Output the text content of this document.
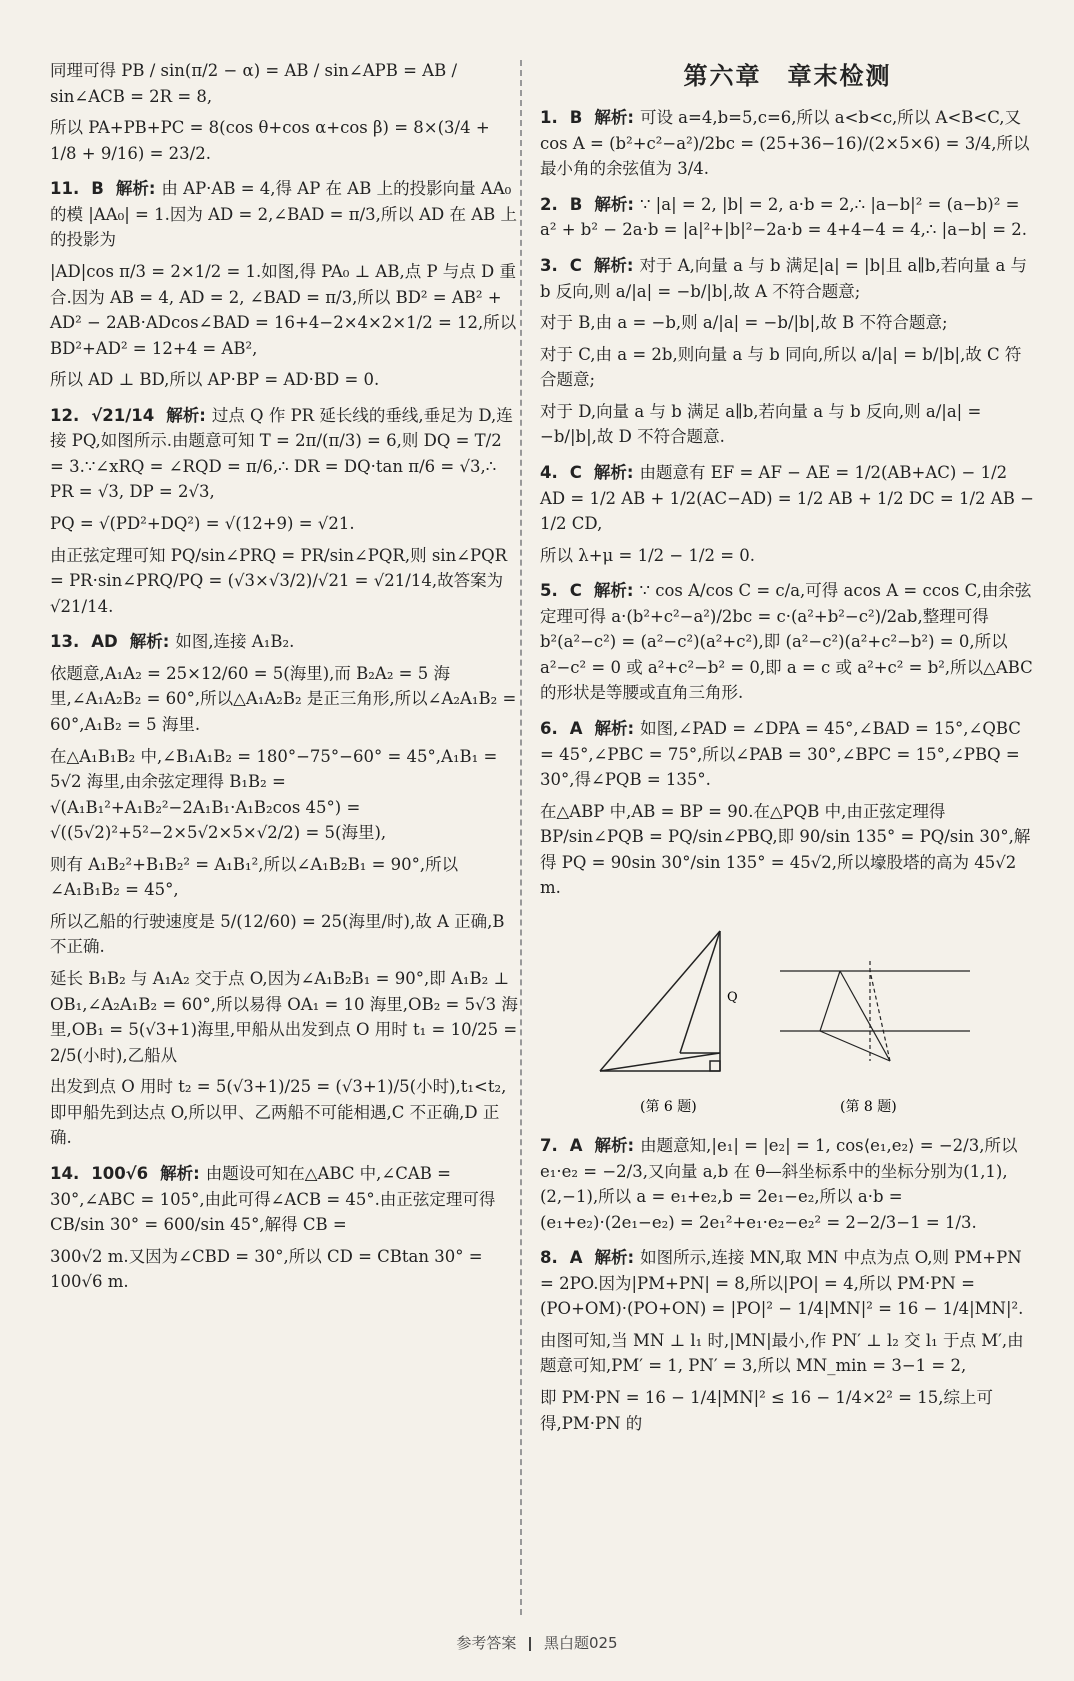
同理可得 PB / sin(π/2 − α) = AB / sin∠APB = AB / sin∠ACB = 2R = 8,

所以 PA+PB+PC = 8(cos θ+cos α+cos β) = 8×(3/4 + 1/8 + 9/16) = 23/2.

11. B 解析: 由 AP·AB = 4,得 AP 在 AB 上的投影向量 AA₀ 的模 |AA₀| = 1.因为 AD = 2,∠BAD = π/3,所以 AD 在 AB 上的投影为

|AD|cos π/3 = 2×1/2 = 1.如图,得 PA₀ ⊥ AB,点 P 与点 D 重合.因为 AB = 4, AD = 2, ∠BAD = π/3,所以 BD² = AB² + AD² − 2AB·ADcos∠BAD = 16+4−2×4×2×1/2 = 12,所以 BD²+AD² = 12+4 = AB²,

所以 AD ⊥ BD,所以 AP·BP = AD·BD = 0.

12. √21/14 解析: 过点 Q 作 PR 延长线的垂线,垂足为 D,连接 PQ,如图所示.由题意可知 T = 2π/(π/3) = 6,则 DQ = T/2 = 3.∵∠xRQ = ∠RQD = π/6,∴ DR = DQ·tan π/6 = √3,∴ PR = √3, DP = 2√3,

PQ = √(PD²+DQ²) = √(12+9) = √21.

由正弦定理可知 PQ/sin∠PRQ = PR/sin∠PQR,则 sin∠PQR = PR·sin∠PRQ/PQ = (√3×√3/2)/√21 = √21/14,故答案为 √21/14.

13. AD 解析: 如图,连接 A₁B₂.

依题意,A₁A₂ = 25×12/60 = 5(海里),而 B₂A₂ = 5 海里,∠A₁A₂B₂ = 60°,所以△A₁A₂B₂ 是正三角形,所以∠A₂A₁B₂ = 60°,A₁B₂ = 5 海里.

在△A₁B₁B₂ 中,∠B₁A₁B₂ = 180°−75°−60° = 45°,A₁B₁ = 5√2 海里,由余弦定理得 B₁B₂ = √(A₁B₁²+A₁B₂²−2A₁B₁·A₁B₂cos 45°) = √((5√2)²+5²−2×5√2×5×√2/2) = 5(海里),

则有 A₁B₂²+B₁B₂² = A₁B₁²,所以∠A₁B₂B₁ = 90°,所以∠A₁B₁B₂ = 45°,

所以乙船的行驶速度是 5/(12/60) = 25(海里/时),故 A 正确,B 不正确.

延长 B₁B₂ 与 A₁A₂ 交于点 O,因为∠A₁B₂B₁ = 90°,即 A₁B₂ ⊥ OB₁,∠A₂A₁B₂ = 60°,所以易得 OA₁ = 10 海里,OB₂ = 5√3 海里,OB₁ = 5(√3+1)海里,甲船从出发到点 O 用时 t₁ = 10/25 = 2/5(小时),乙船从

出发到点 O 用时 t₂ = 5(√3+1)/25 = (√3+1)/5(小时),t₁<t₂,即甲船先到达点 O,所以甲、乙两船不可能相遇,C 不正确,D 正确.

14. 100√6 解析: 由题设可知在△ABC 中,∠CAB = 30°,∠ABC = 105°,由此可得∠ACB = 45°.由正弦定理可得 CB/sin 30° = 600/sin 45°,解得 CB =

300√2 m.又因为∠CBD = 30°,所以 CD = CBtan 30° = 100√6 m.

第六章　章末检测

1. B 解析: 可设 a=4,b=5,c=6,所以 a<b<c,所以 A<B<C,又 cos A = (b²+c²−a²)/2bc = (25+36−16)/(2×5×6) = 3/4,所以最小角的余弦值为 3/4.

2. B 解析: ∵ |a| = 2, |b| = 2, a·b = 2,∴ |a−b|² = (a−b)² = a² + b² − 2a·b = |a|²+|b|²−2a·b = 4+4−4 = 4,∴ |a−b| = 2.

3. C 解析: 对于 A,向量 a 与 b 满足|a| = |b|且 a∥b,若向量 a 与 b 反向,则 a/|a| = −b/|b|,故 A 不符合题意;

对于 B,由 a = −b,则 a/|a| = −b/|b|,故 B 不符合题意;

对于 C,由 a = 2b,则向量 a 与 b 同向,所以 a/|a| = b/|b|,故 C 符合题意;

对于 D,向量 a 与 b 满足 a∥b,若向量 a 与 b 反向,则 a/|a| = −b/|b|,故 D 不符合题意.

4. C 解析: 由题意有 EF = AF − AE = 1/2(AB+AC) − 1/2 AD = 1/2 AB + 1/2(AC−AD) = 1/2 AB + 1/2 DC = 1/2 AB − 1/2 CD,

所以 λ+μ = 1/2 − 1/2 = 0.

5. C 解析: ∵ cos A/cos C = c/a,可得 acos A = ccos C,由余弦定理可得 a·(b²+c²−a²)/2bc = c·(a²+b²−c²)/2ab,整理可得 b²(a²−c²) = (a²−c²)(a²+c²),即 (a²−c²)(a²+c²−b²) = 0,所以 a²−c² = 0 或 a²+c²−b² = 0,即 a = c 或 a²+c² = b²,所以△ABC 的形状是等腰或直角三角形.

6. A 解析: 如图,∠PAD = ∠DPA = 45°,∠BAD = 15°,∠QBC = 45°,∠PBC = 75°,所以∠PAB = 30°,∠BPC = 15°,∠PBQ = 30°,得∠PQB = 135°.

在△ABP 中,AB = BP = 90.在△PQB 中,由正弦定理得 BP/sin∠PQB = PQ/sin∠PBQ,即 90/sin 135° = PQ/sin 30°,解得 PQ = 90sin 30°/sin 135° = 45√2,所以壕股塔的高为 45√2 m.

Q
(第 6 题)	(第 8 题)

7. A 解析: 由题意知,|e₁| = |e₂| = 1, cos⟨e₁,e₂⟩ = −2/3,所以 e₁·e₂ = −2/3,又向量 a,b 在 θ—斜坐标系中的坐标分别为(1,1),(2,−1),所以 a = e₁+e₂,b = 2e₁−e₂,所以 a·b = (e₁+e₂)·(2e₁−e₂) = 2e₁²+e₁·e₂−e₂² = 2−2/3−1 = 1/3.

8. A 解析: 如图所示,连接 MN,取 MN 中点为点 O,则 PM+PN = 2PO.因为|PM+PN| = 8,所以|PO| = 4,所以 PM·PN = (PO+OM)·(PO+ON) = |PO|² − 1/4|MN|² = 16 − 1/4|MN|².

由图可知,当 MN ⊥ l₁ 时,|MN|最小,作 PN′ ⊥ l₂ 交 l₁ 于点 M′,由题意可知,PM′ = 1, PN′ = 3,所以 MN_min = 3−1 = 2,

即 PM·PN = 16 − 1/4|MN|² ≤ 16 − 1/4×2² = 15,综上可得,PM·PN 的

参考答案 黑白题025
